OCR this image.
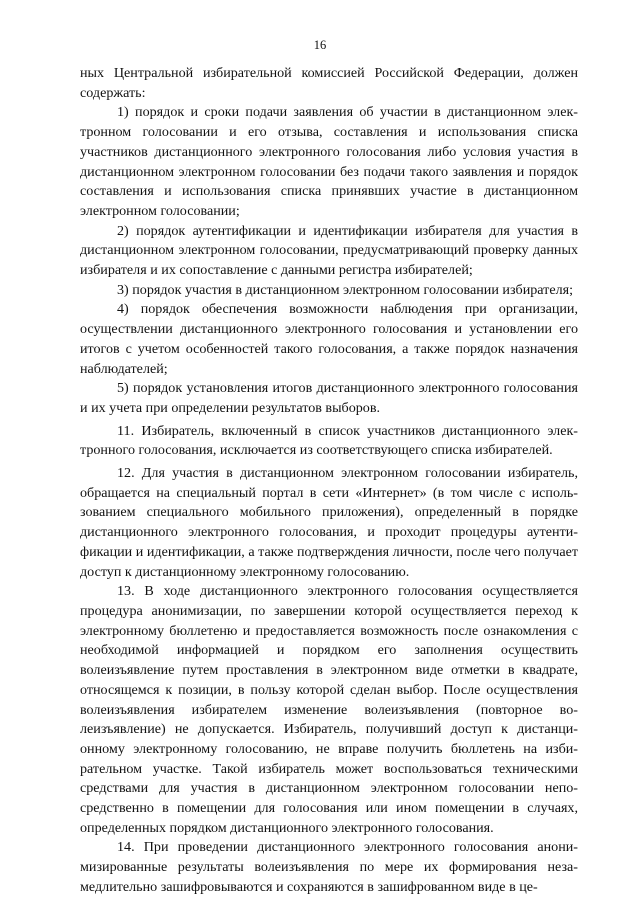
16

ных Центральной избирательной комиссией Российской Федерации, должен содержать:

1) порядок и сроки подачи заявления об участии в дистанционном электронном голосовании и его отзыва, составления и использования списка участников дистанционного электронного голосования либо условия участия в дистанционном электронном голосовании без подачи такого заявления и порядок составления и использования списка принявших участие в дистанционном электронном голосовании;

2) порядок аутентификации и идентификации избирателя для участия в дистанционном электронном голосовании, предусматривающий проверку данных избирателя и их сопоставление с данными регистра избирателей;

3) порядок участия в дистанционном электронном голосовании избирателя;

4) порядок обеспечения возможности наблюдения при организации, осуществлении дистанционного электронного голосования и установлении его итогов с учетом особенностей такого голосования, а также порядок назначения наблюдателей;

5) порядок установления итогов дистанционного электронного голосования и их учета при определении результатов выборов.

11. Избиратель, включенный в список участников дистанционного электронного голосования, исключается из соответствующего списка избирателей.

12. Для участия в дистанционном электронном голосовании избиратель, обращается на специальный портал в сети «Интернет» (в том числе с использованием специального мобильного приложения), определенный в порядке дистанционного электронного голосования, и проходит процедуры аутентификации и идентификации, а также подтверждения личности, после чего получает доступ к дистанционному электронному голосованию.

13. В ходе дистанционного электронного голосования осуществляется процедура анонимизации, по завершении которой осуществляется переход к электронному бюллетеню и предоставляется возможность после ознакомления с необходимой информацией и порядком его заполнения осуществить волеизъявление путем проставления в электронном виде отметки в квадрате, относящемся к позиции, в пользу которой сделан выбор. После осуществления волеизъявления избирателем изменение волеизъявления (повторное волеизъявление) не допускается. Избиратель, получивший доступ к дистанционному электронному голосованию, не вправе получить бюллетень на избирательном участке. Такой избиратель может воспользоваться техническими средствами для участия в дистанционном электронном голосовании непосредственно в помещении для голосования или ином помещении в случаях, определенных порядком дистанционного электронного голосования.

14. При проведении дистанционного электронного голосования анонимизированные результаты волеизъявления по мере их формирования незамедлительно зашифровываются и сохраняются в зашифрованном виде в це-
